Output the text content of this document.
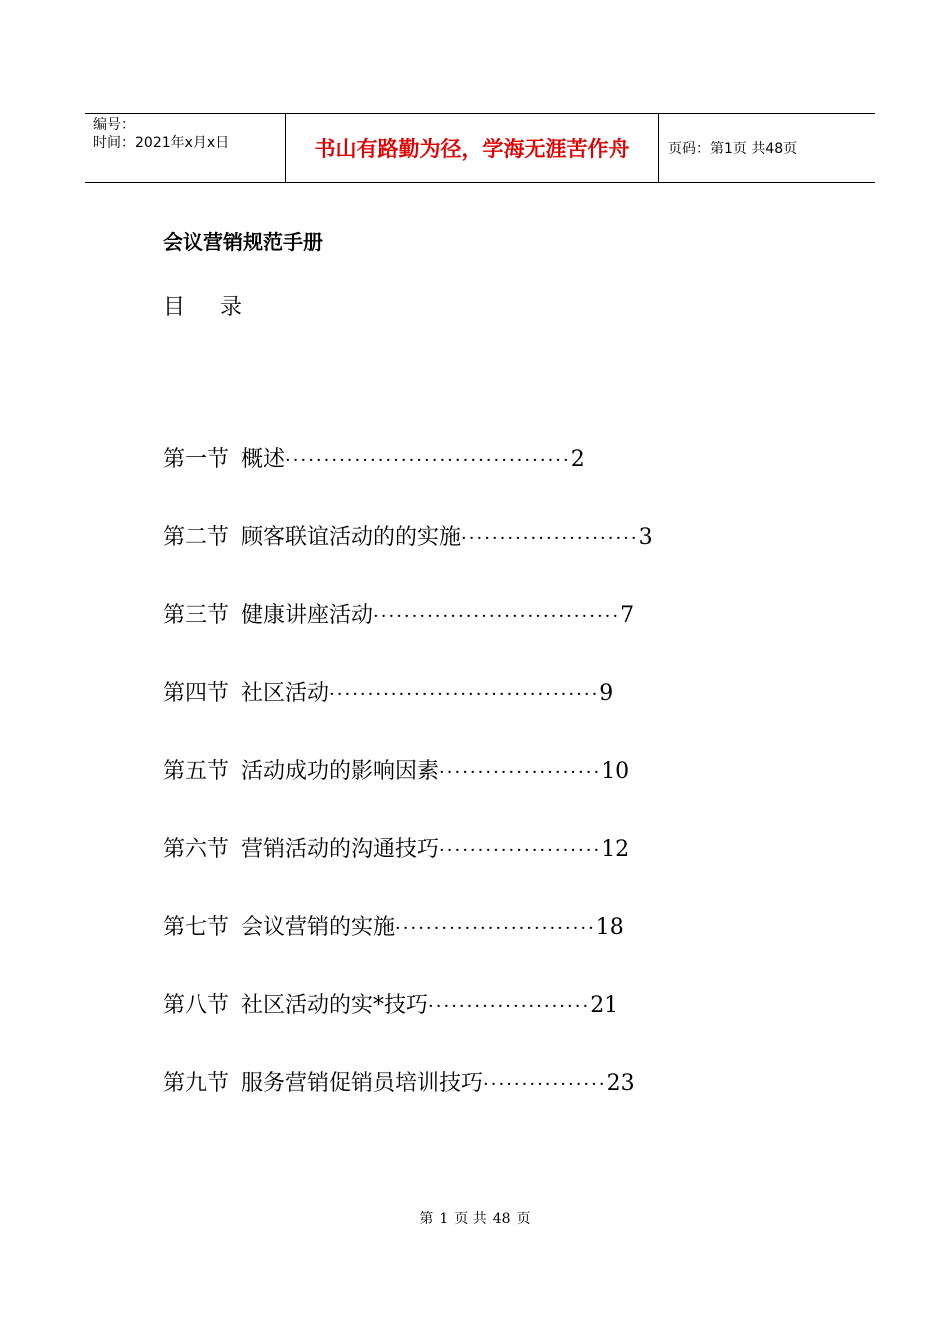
编号：
时间：2021年x月x日	书山有路勤为径，学海无涯苦作舟	页码：第1页 共48页
会议营销规范手册
目 录
第一节 概述·····································2
第二节 顾客联谊活动的的实施·······················3
第三节 健康讲座活动································7
第四节 社区活动···································9
第五节 活动成功的影响因素·····················10
第六节 营销活动的沟通技巧·····················12
第七节 会议营销的实施··························18
第八节 社区活动的实*技巧·····················21
第九节 服务营销促销员培训技巧················23
第 1 页 共 48 页
